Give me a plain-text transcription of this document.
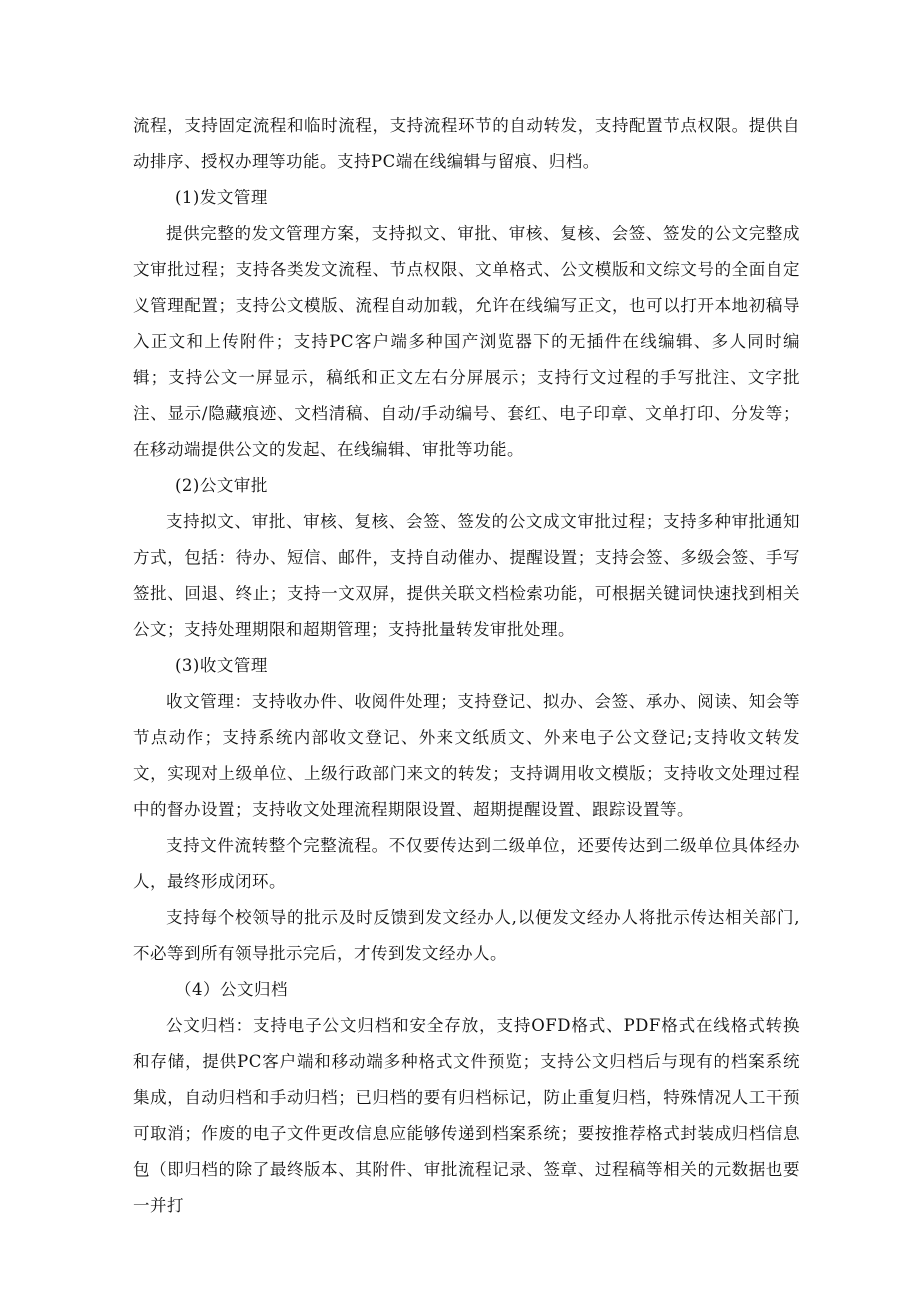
流程，支持固定流程和临时流程，支持流程环节的自动转发，支持配置节点权限。提供自动排序、授权办理等功能。支持PC端在线编辑与留痕、归档。

(1)发文管理

提供完整的发文管理方案，支持拟文、审批、审核、复核、会签、签发的公文完整成文审批过程；支持各类发文流程、节点权限、文单格式、公文模版和文综文号的全面自定义管理配置；支持公文模版、流程自动加载，允许在线编写正文，也可以打开本地初稿导入正文和上传附件；支持PC客户端多种国产浏览器下的无插件在线编辑、多人同时编辑；支持公文一屏显示，稿纸和正文左右分屏展示；支持行文过程的手写批注、文字批注、显示/隐藏痕迹、文档清稿、自动/手动编号、套红、电子印章、文单打印、分发等；在移动端提供公文的发起、在线编辑、审批等功能。

(2)公文审批

支持拟文、审批、审核、复核、会签、签发的公文成文审批过程；支持多种审批通知方式，包括：待办、短信、邮件，支持自动催办、提醒设置；支持会签、多级会签、手写签批、回退、终止；支持一文双屏，提供关联文档检索功能，可根据关键词快速找到相关公文；支持处理期限和超期管理；支持批量转发审批处理。

(3)收文管理

收文管理：支持收办件、收阅件处理；支持登记、拟办、会签、承办、阅读、知会等节点动作；支持系统内部收文登记、外来文纸质文、外来电子公文登记;支持收文转发文，实现对上级单位、上级行政部门来文的转发；支持调用收文模版；支持收文处理过程中的督办设置；支持收文处理流程期限设置、超期提醒设置、跟踪设置等。

支持文件流转整个完整流程。不仅要传达到二级单位，还要传达到二级单位具体经办人，最终形成闭环。

支持每个校领导的批示及时反馈到发文经办人,以便发文经办人将批示传达相关部门,不必等到所有领导批示完后，才传到发文经办人。

（4）公文归档

公文归档：支持电子公文归档和安全存放，支持OFD格式、PDF格式在线格式转换和存储，提供PC客户端和移动端多种格式文件预览；支持公文归档后与现有的档案系统集成，自动归档和手动归档；已归档的要有归档标记，防止重复归档，特殊情况人工干预可取消；作废的电子文件更改信息应能够传递到档案系统；要按推荐格式封装成归档信息包（即归档的除了最终版本、其附件、审批流程记录、签章、过程稿等相关的元数据也要一并打
